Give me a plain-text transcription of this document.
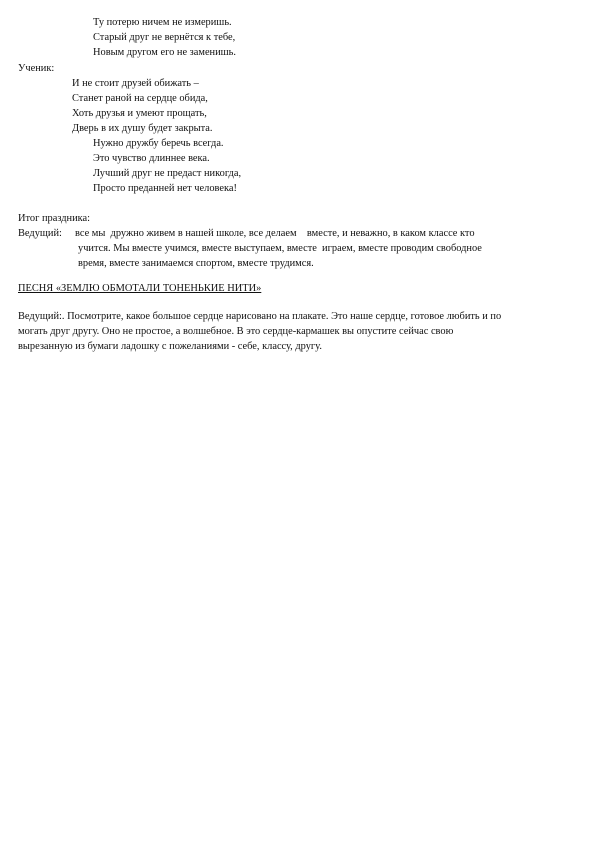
Ту потерю ничем не измеришь.
Старый друг не вернётся к тебе,
Новым другом его не заменишь.
Ученик:
И не стоит друзей обижать –
Станет раной на сердце обида,
Хоть друзья и умеют прощать,
Дверь в их душу будет закрыта.
Нужно дружбу беречь всегда.
Это чувство длиннее века.
Лучший друг не предаст никогда,
Просто преданней нет человека!
Итог праздника:
Ведущий: все мы  дружно живем в нашей школе, все делаем    вместе, и неважно, в каком классе кто
учится. Мы вместе учимся, вместе выступаем, вместе  играем, вместе проводим свободное
время, вместе занимаемся спортом, вместе трудимся.
ПЕСНЯ «ЗЕМЛЮ ОБМОТАЛИ ТОНЕНЬКИЕ НИТИ»
Ведущий:. Посмотрите, какое большое сердце нарисовано на плакате. Это наше сердце, готовое любить и по
могать друг другу. Оно не простое, а волшебное. В это сердце-кармашек вы опустите сейчас свою
вырезанную из бумаги ладошку с пожеланиями - себе, классу, другу.
